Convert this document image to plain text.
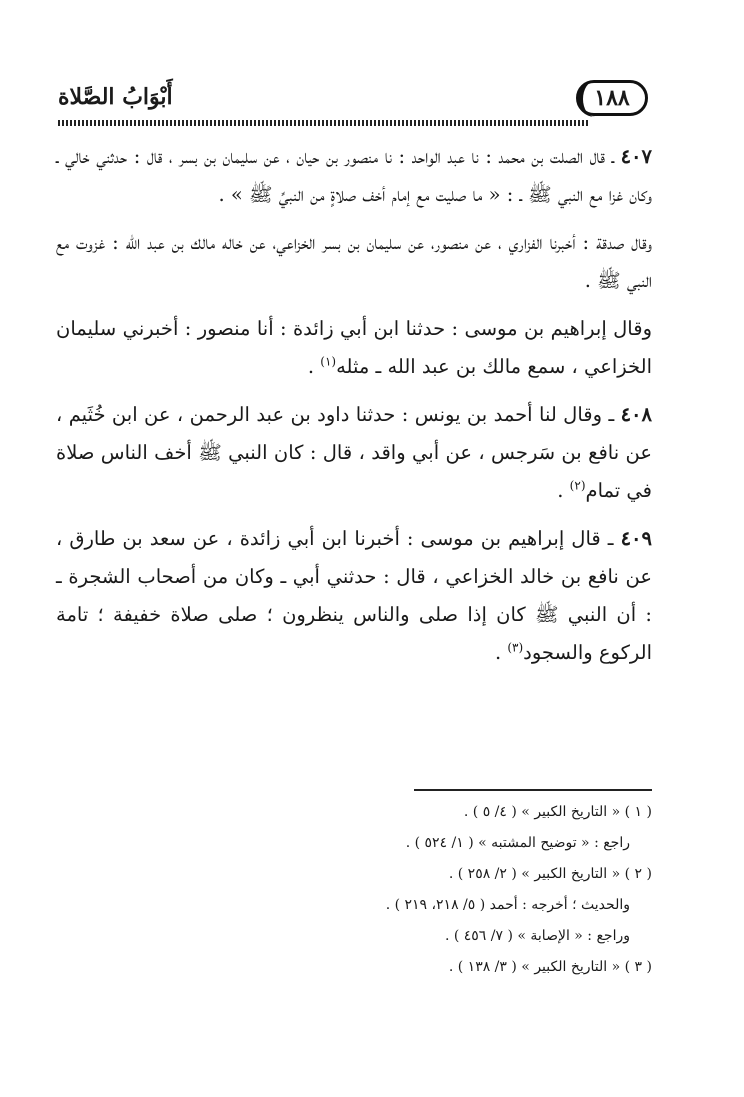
أَبْوَابُ الصَّلاة	١٨٨

٤٠٧ ـ قال الصلت بن محمد : نا عبد الواحد : نا منصور بن حيان ، عن سليمان بن بسر ، قال : حدثني خالي ـ وكان غزا مع النبي ﷺ ـ : « ما صليت مع إمام أخف صلاةٍ من النبيِّ ﷺ » .

وقال صدقة : أخبرنا الفزاري ، عن منصور، عن سليمان بن بسر الخزاعي، عن خاله مالك بن عبد الله : غزوت مع النبي ﷺ .

وقال إبراهيم بن موسى : حدثنا ابن أبي زائدة : أنا منصور : أخبرني سليمان الخزاعي ، سمع مالك بن عبد الله ـ مثله$^{(١)}$ .

٤٠٨ ـ وقال لنا أحمد بن يونس : حدثنا داود بن عبد الرحمن ، عن ابن خُثَيم ، عن نافع بن سَرجس ، عن أبي واقد ، قال : كان النبي ﷺ أخف الناس صلاة في تمام$^{(٢)}$ .

٤٠٩ ـ قال إبراهيم بن موسى : أخبرنا ابن أبي زائدة ، عن سعد بن طارق ، عن نافع بن خالد الخزاعي ، قال : حدثني أبي ـ وكان من أصحاب الشجرة ـ : أن النبي ﷺ كان إذا صلى والناس ينظرون ؛ صلى صلاة خفيفة ؛ تامة الركوع والسجود$^{(٣)}$ .

( ١ ) « التاريخ الكبير » ( ٤/ ٥ ) .
راجع : « توضيح المشتبه » ( ١/ ٥٢٤ ) .
( ٢ ) « التاريخ الكبير » ( ٢/ ٢٥٨ ) .
والحديث ؛ أخرجه : أحمد ( ٥/ ٢١٨، ٢١٩ ) .
وراجع : « الإصابة » ( ٧/ ٤٥٦ ) .
( ٣ ) « التاريخ الكبير » ( ٣/ ١٣٨ ) .
